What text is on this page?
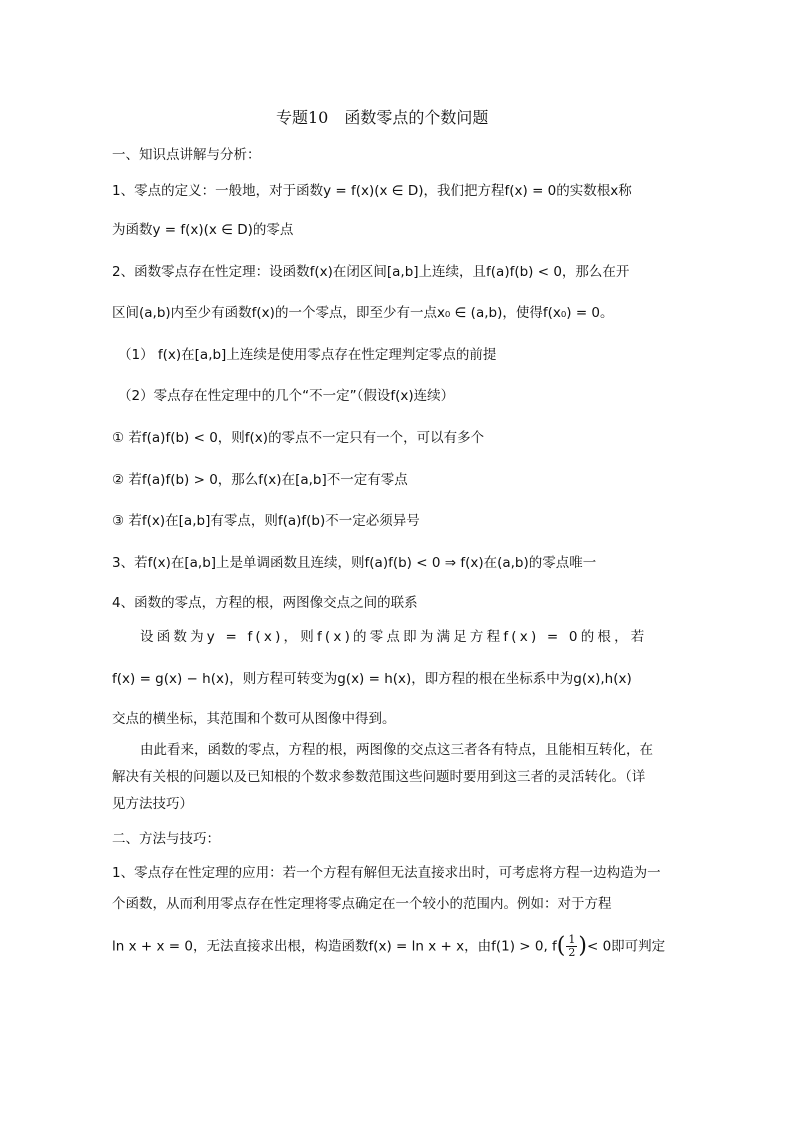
专题10　函数零点的个数问题
一、知识点讲解与分析：
1、零点的定义：一般地，对于函数y = f(x)(x ∈ D)，我们把方程f(x) = 0的实数根x称
为函数y = f(x)(x ∈ D)的零点
2、函数零点存在性定理：设函数f(x)在闭区间[a,b]上连续，且f(a)f(b) < 0，那么在开
区间(a,b)内至少有函数f(x)的一个零点，即至少有一点x₀ ∈ (a,b)，使得f(x₀) = 0。
（1） f(x)在[a,b]上连续是使用零点存在性定理判定零点的前提
（2）零点存在性定理中的几个“不一定”（假设f(x)连续）
① 若f(a)f(b) < 0，则f(x)的零点不一定只有一个，可以有多个
② 若f(a)f(b) > 0，那么f(x)在[a,b]不一定有零点
③ 若f(x)在[a,b]有零点，则f(a)f(b)不一定必须异号
3、若f(x)在[a,b]上是单调函数且连续，则f(a)f(b) < 0 ⇒ f(x)在(a,b)的零点唯一
4、函数的零点，方程的根，两图像交点之间的联系
设函数为y = f(x)，则f(x)的零点即为满足方程f(x) = 0的根，若
f(x) = g(x) − h(x)，则方程可转变为g(x) = h(x)，即方程的根在坐标系中为g(x),h(x)
交点的横坐标，其范围和个数可从图像中得到。
由此看来，函数的零点，方程的根，两图像的交点这三者各有特点，且能相互转化，在
解决有关根的问题以及已知根的个数求参数范围这些问题时要用到这三者的灵活转化。（详
见方法技巧）
二、方法与技巧：
1、零点存在性定理的应用：若一个方程有解但无法直接求出时，可考虑将方程一边构造为一
个函数，从而利用零点存在性定理将零点确定在一个较小的范围内。例如：对于方程
ln x + x = 0，无法直接求出根，构造函数f(x) = ln x + x，由f(1) > 0, $f( \frac{1}{2}$ )< 0即可判定
